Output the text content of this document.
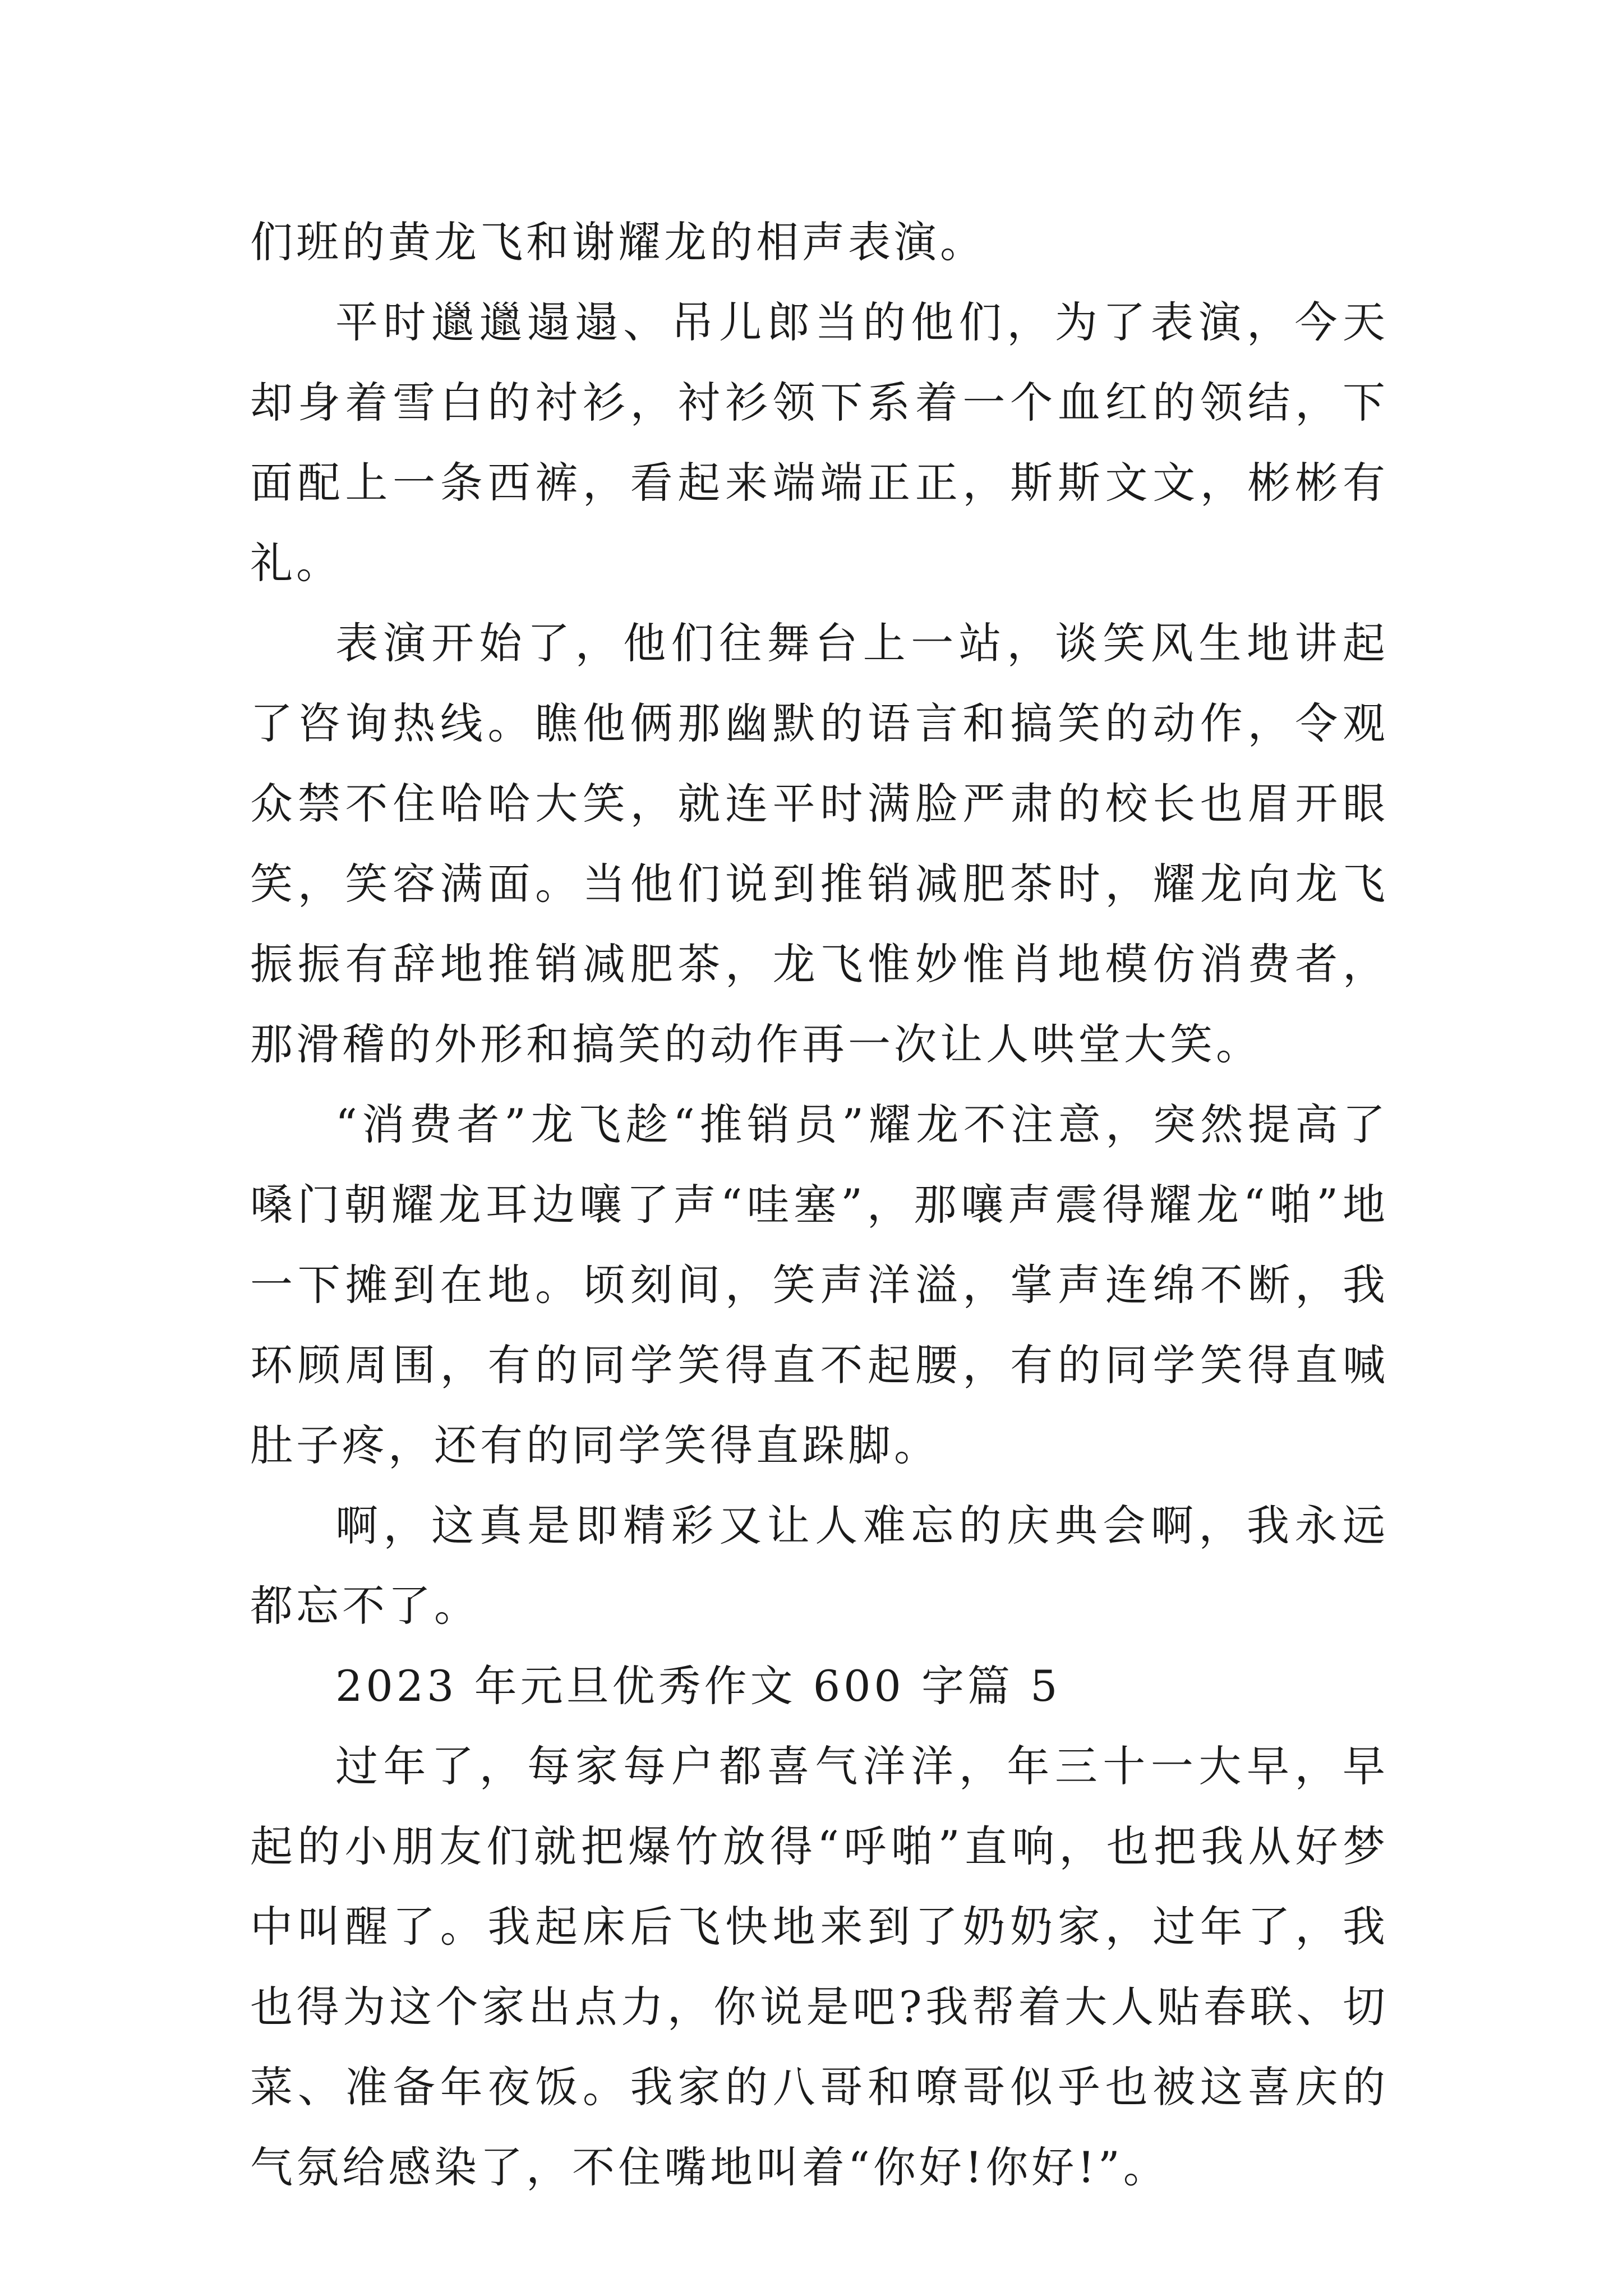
们班的黄龙飞和谢耀龙的相声表演。

平时邋邋遢遢、吊儿郎当的他们，为了表演，今天却身着雪白的衬衫，衬衫领下系着一个血红的领结，下面配上一条西裤，看起来端端正正，斯斯文文，彬彬有礼。

表演开始了，他们往舞台上一站，谈笑风生地讲起了咨询热线。瞧他俩那幽默的语言和搞笑的动作，令观众禁不住哈哈大笑，就连平时满脸严肃的校长也眉开眼笑，笑容满面。当他们说到推销减肥茶时，耀龙向龙飞振振有辞地推销减肥茶，龙飞惟妙惟肖地模仿消费者，那滑稽的外形和搞笑的动作再一次让人哄堂大笑。

“消费者”龙飞趁“推销员”耀龙不注意，突然提高了嗓门朝耀龙耳边嚷了声“哇塞”，那嚷声震得耀龙“啪”地一下摊到在地。顷刻间，笑声洋溢，掌声连绵不断，我环顾周围，有的同学笑得直不起腰，有的同学笑得直喊肚子疼，还有的同学笑得直跺脚。

啊，这真是即精彩又让人难忘的庆典会啊，我永远都忘不了。

2023 年元旦优秀作文 600 字篇 5

过年了，每家每户都喜气洋洋，年三十一大早，早起的小朋友们就把爆竹放得“呼啪”直响，也把我从好梦中叫醒了。我起床后飞快地来到了奶奶家，过年了，我也得为这个家出点力，你说是吧?我帮着大人贴春联、切菜、准备年夜饭。我家的八哥和嘹哥似乎也被这喜庆的气氛给感染了，不住嘴地叫着“你好!你好!”。
